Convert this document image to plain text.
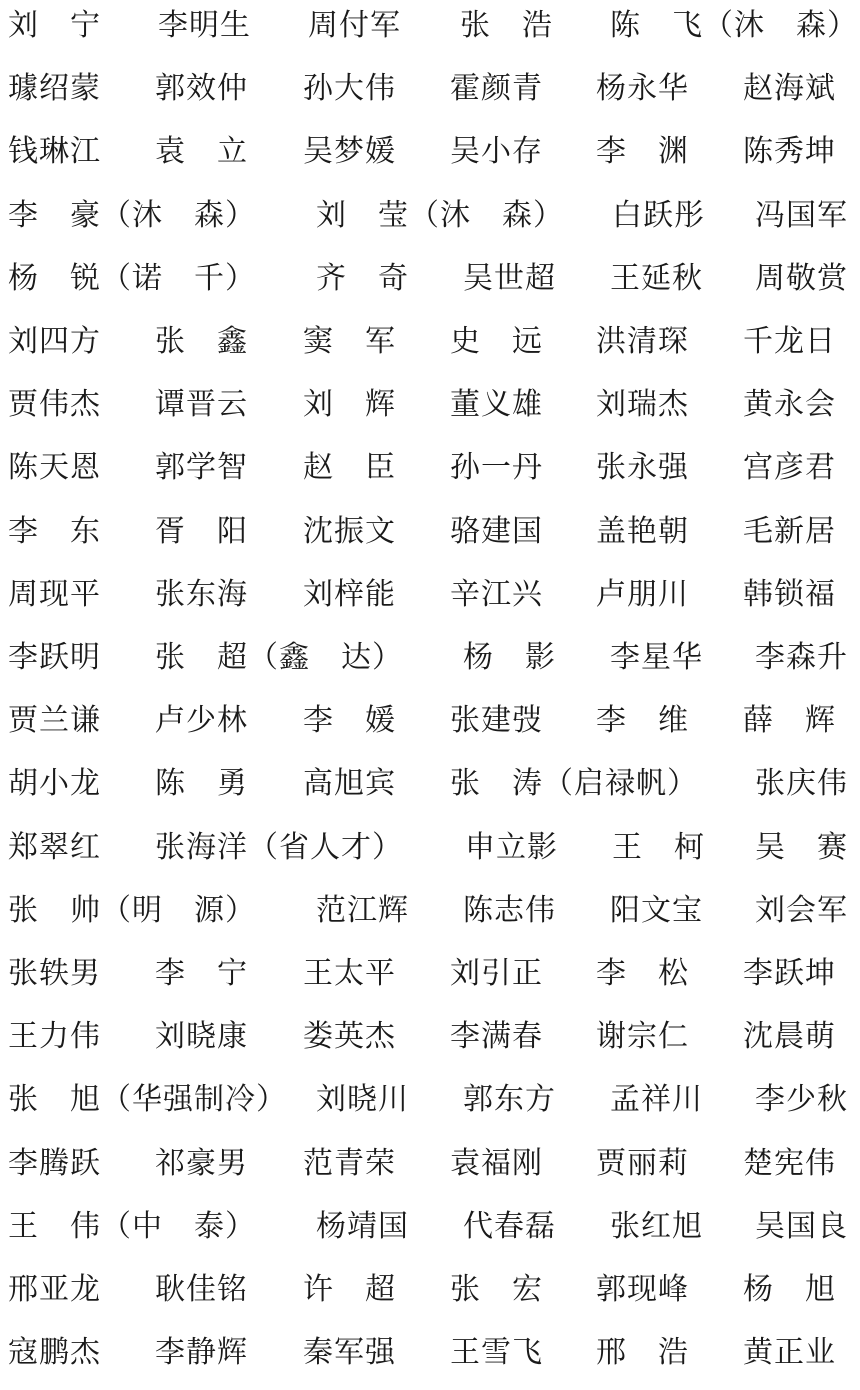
刘　宁 李明生 周付军 张　浩 陈　飞（沐　森）
璩绍蒙 郭效仲 孙大伟 霍颜青 杨永华 赵海斌
钱琳江 袁　立 吴梦媛 吴小存 李　渊 陈秀坤
李　豪（沐　森） 刘　莹（沐　森） 白跃彤 冯国军
杨　锐（诺　千） 齐　奇 吴世超 王延秋 周敬赏
刘四方 张　鑫 窦　军 史　远 洪清琛 千龙日
贾伟杰 谭晋云 刘　辉 董义雄 刘瑞杰 黄永会
陈天恩 郭学智 赵　臣 孙一丹 张永强 宫彦君
李　东 胥　阳 沈振文 骆建国 盖艳朝 毛新居
周现平 张东海 刘梓能 辛江兴 卢朋川 韩锁福
李跃明 张　超（鑫　达） 杨　影 李星华 李森升
贾兰谦 卢少林 李　媛 张建弢 李　维 薛　辉
胡小龙 陈　勇 高旭宾 张　涛（启禄帆） 张庆伟
郑翠红 张海洋（省人才） 申立影 王　柯 吴　赛
张　帅（明　源） 范江辉 陈志伟 阳文宝 刘会军
张轶男 李　宁 王太平 刘引正 李　松 李跃坤
王力伟 刘晓康 娄英杰 李满春 谢宗仁 沈晨萌
张　旭（华强制冷） 刘晓川 郭东方 孟祥川 李少秋
李腾跃 祁豪男 范青荣 袁福刚 贾丽莉 楚宪伟
王　伟（中　泰） 杨靖国 代春磊 张红旭 吴国良
邢亚龙 耿佳铭 许　超 张　宏 郭现峰 杨　旭
寇鹏杰 李静辉 秦军强 王雪飞 邢　浩 黄正业
